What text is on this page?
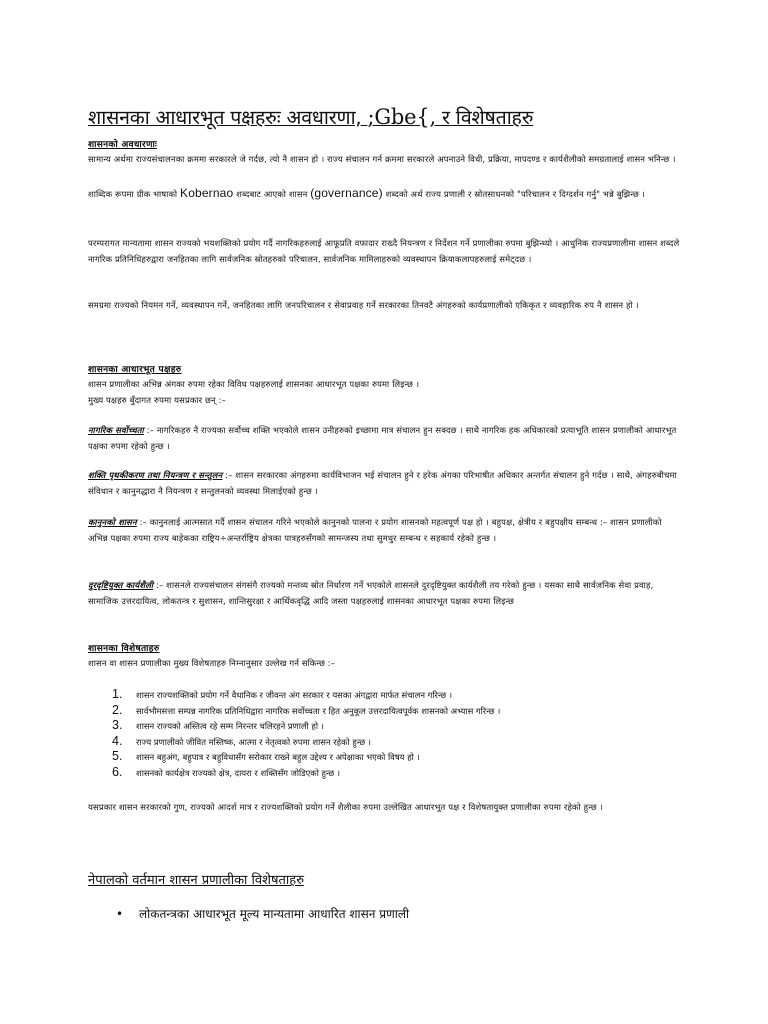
शासनका आधारभूत पक्षहरुः अवधारणा, ;Gbe{, र विशेषताहरु
शासनको अवधारणाः
सामान्य अर्थमा राज्यसंचालनका क्रममा सरकारले जे गर्दछ, त्यो नै शासन हो । राज्य संचालन गर्न क्रममा सरकारले अपनाउने विधी, प्रक्रिया, मापदण्ड र कार्यशैलीको समग्रतालाई शासन भनिन्छ ।
शाब्दिक रूपमा ग्रीक भाषाको Kobernao शब्दबाट आएको शासन (governance) शब्दको अर्थ राज्य प्रणाली र स्रोतसाधनको "परिचालन र दिग्दर्शन गर्नु" भन्ने बुझिन्छ ।
परम्परागत मान्यतामा शासन राज्यको भयशक्तिको प्रयोग गर्दै नागरिकहरुलाई आफूप्रति वफादार राख्दै नियन्त्रण र निर्देशन गर्ने प्रणालीका रुपमा बुझिन्थ्यो । आधुनिक राज्यप्रणालीमा शासन शब्दले नागरिक प्रतिनिधिहरुद्वारा जनहितका लागि सार्वजनिक स्रोतहरुको परिचालन, सार्वजनिक मामिलाहरुको व्यवस्थापन क्रियाकलापहरुलाई समेट्दछ ।
समग्रमा राज्यको नियमन गर्ने, व्यवस्थापन गर्ने, जनहितका लागि जनपरिचालन र सेवाप्रवाह गर्ने सरकारका तिनवटै अंगहरुको कार्यप्रणालीको एकिकृत र व्यवहारिक रुप नै शासन हो ।
शासनका आधारभूत पक्षहरु
शासन प्रणालीका अभिन्न अंगका रुपमा रहेका विविध पक्षहरुलाई शासनका आधारभूत पक्षका रुपमा लिइन्छ ।
मुख्य पक्षहरु बुँदागत रुपमा यसप्रकार छन् :–
नागरिक सर्वोच्चता :– नागरिकहरु नै राज्यका सर्वोच्च शक्ति भएकोले शासन उनीहरुको इच्छामा मात्र संचालन हुन सक्दछ । साथै नागरिक हक अधिकारको प्रत्याभूति शासन प्रणालीको आधारभूत पक्षका रुपमा रहेको हुन्छ ।
शक्ति पृथकीकरण तथा नियन्त्रण र सन्तुलन :– शासन सरकारका अंगहरुमा कार्यविभाजन भई संचालन हुने र हरेक अंगका परिभाषीत अधिकार अन्तर्गत संचालन हुने गर्दछ । साथै, अंगहरुबीचमा संविधान र कानुनद्धारा नै नियन्त्रण र सन्तुलनको व्यवस्था मिलाईएको हुन्छ ।
कानुनको शासन :– कानुनलाई आत्मसात गर्दै शासन संचालन गरिने भएकोले कानुनको पालना र प्रयोग शासनको महत्वपूर्ण पक्ष हो । बहुपक्ष, क्षेत्रीय र बहुपक्षीय सम्बन्ध :– शासन प्रणालीको अभिन्न पक्षका रुपमा राज्य बाहेकका राष्ट्रिय÷अन्तर्राष्ट्रिय क्षेत्रका पात्रहरुसँगको सामन्जस्य तथा सुमधुर सम्बन्ध र सहकार्य रहेको हुन्छ ।
दुरदृष्टियुक्त कार्यशैली :– शासनले राज्यसंचालन संगसंगै राज्यको मन्तव्य स्रोत निर्धारण गर्ने भएकोले शासनले दुरदृष्टियुक्त कार्यशैली तय गरेको हुन्छ । यसका साथै सार्वजनिक सेवा प्रवाह, सामाजिक उत्तरदायित्व, लोकतन्त्र र सुशासन, शान्तिसुरक्षा र आर्थिकवृद्धि आदि जस्ता पक्षहरुलाई शासनका आधारभूत पक्षका रुपमा लिइन्छ
शासनका विशेषताहरु
शासन वा शासन प्रणालीका मुख्य विशेषताहरु निम्नानुसार उल्लेख गर्न सकिन्छ :–
1. शासन राज्यशक्तिको प्रयोग गर्ने वैधानिक र जीवन्त अंग सरकार र यसका अंगद्वारा मार्फत संचालन गरिन्छ ।
2. सार्वभौमसत्ता सम्पन्न नागरिक प्रतिनिधिद्वारा नागरिक सर्वोच्चता र हित अनुकूल उत्तरदायित्वपूर्वक शासनको अभ्यास गरिन्छ ।
3. शासन राज्यको अस्तित्व रहे सम्म निरन्तर चलिरहने प्रणाली हो ।
4. राज्य प्रणालीको जीवित मस्तिष्क, आत्मा र नेतृत्वको रुपमा शासन रहेको हुन्छ ।
5. शासन बहुअंग, बहुपात्र र बहुविधासँग सरोकार राख्ने बहुल उद्देश्य र अपेक्षाका भएको विषय हो ।
6. शासनको कार्यक्षेत्र राज्यको क्षेत्र, दायरा र शक्तिसँग जोडिएको हुन्छ ।
यसप्रकार शासन सरकारको गुण, राज्यको आदर्श मात्र र राज्यशक्तिको प्रयोग गर्ने शैलीका रुपमा उल्लेखित आधारभूत पक्ष र विशेषतायुक्त प्रणालीका रुपमा रहेको हुन्छ ।
नेपालको वर्तमान शासन प्रणालीका विशेषताहरु
• लोकतन्त्रका आधारभूत मूल्य मान्यतामा आधारित शासन प्रणाली
